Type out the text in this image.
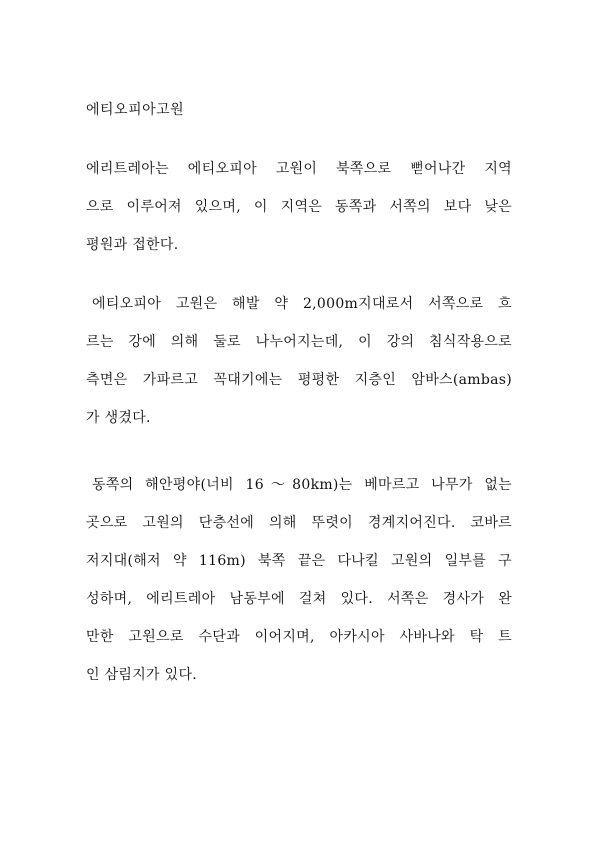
에티오피아고원

에리트레아는 에티오피아 고원이 북쪽으로 뻗어나간 지역
으로 이루어져 있으며, 이 지역은 동쪽과 서쪽의 보다 낮은
평원과 접한다.

에티오피아 고원은 해발 약 2,000m지대로서 서쪽으로 흐
르는 강에 의해 둘로 나누어지는데, 이 강의 침식작용으로
측면은 가파르고 꼭대기에는 평평한 지층인 암바스(ambas)
가 생겼다.

동쪽의 해안평야(너비 16～80km)는 베마르고 나무가 없는
곳으로 고원의 단층선에 의해 뚜렷이 경계지어진다. 코바르
저지대(해저 약 116m) 북쪽 끝은 다나킬 고원의 일부를 구
성하며, 에리트레아 남동부에 걸쳐 있다. 서쪽은 경사가 완
만한 고원으로 수단과 이어지며, 아카시아 사바나와 탁 트
인 삼림지가 있다.
